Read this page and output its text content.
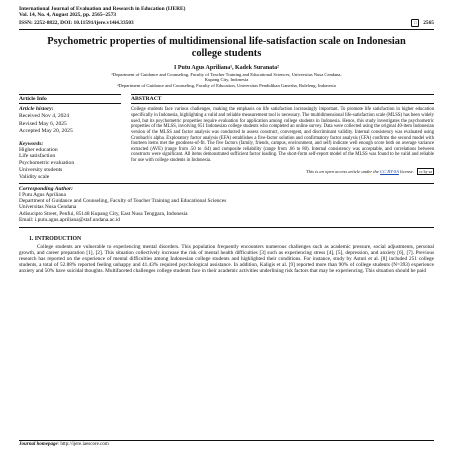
International Journal of Evaluation and Research in Education (IJERE)
Vol. 14, No. 4, August 2025, pp. 2565~2573
ISSN: 2252-8822, DOI: 10.11591/ijere.v14i4.33503	□	2565
Psychometric properties of multidimensional life-satisfaction scale on Indonesian college students
I Putu Agus Apriliana¹, Kadek Suranata²
¹Department of Guidance and Counseling, Faculty of Teacher Training and Educational Sciences, Universitas Nusa Cendana,
Kupang City, Indonesia
²Department of Guidance and Counseling, Faculty of Education, Universitas Pendidikan Ganesha, Buleleng, Indonesia
Article Info
Article history:
Received Nov 4, 2024
Revised May 6, 2025
Accepted May 20, 2025
Keywords:
Higher education
Life satisfaction
Psychometric evaluation
University students
Validity scale
ABSTRACT
College students face various challenges, making the emphasis on life satisfaction increasingly important. To promote life satisfaction in higher education specifically in Indonesia, highlighting a valid and reliable measurement tool is necessary. The multidimensional life-satisfaction scale (MLSS) has been widely used, but its psychometric properties require evaluation for application among college students in Indonesia. Hence, this study investigates the psychometric properties of the MLSS, involving 651 Indonesian college students who completed an online survey. Data were collected using the original 40-item Indonesian version of the MLSS and factor analysis was conducted to assess construct, convergent, and discriminant validity. Internal consistency was evaluated using Cronbach's alpha. Exploratory factor analysis (EFA) establishes a five-factor solution and confirmatory factor analysis (CFA) confirms the second model with fourteen items met the goodness-of-fit. The five factors (family, friends, campus, environment, and self) indicate well enough score both on average variance extracted (AVE) (range from .50 to .64) and composite reliability (range from .66 to 80). Internal consistency was acceptable, and correlations between constructs were significant. All items demonstrated sufficient factor loading. The short-form self-report model of the MLSS was found to be valid and reliable for use with college students in Indonesia.
This is an open access article under the CC BY-SA license. cc by sa
Corresponding Author:
I Putu Agus Apriliana
Department of Guidance and Counseling, Faculty of Teacher Training and Educational Sciences
Universitas Nusa Cendana
Adisucipto Street, Penfui, 85148 Kupang City, East Nusa Tenggara, Indonesia
Email: i.putu.agus.apriliana@staf.undana.ac.id
1. INTRODUCTION
College students are vulnerable to experiencing mental disorders. This population frequently encounters numerous challenges such as academic pressure, social adjustments, personal growth, and career preparation [1], [2]. This situation collectively increase the risk of mental health difficulties [3] such as experiencing stress [4], [5], depression, and anxiety [6], [7]. Previous research has reported on the experience of mental difficulties among Indonesian college students and highlighted their conditions. For instance, study by Astuti et al. [8] included 251 college students, a total of 52.88% reported feeling unhappy and 41.43% required psychological assistance. In addition, Kaligis et al. [9] reported more than 90% of college students (N=393) experience anxiety and 50% have suicidal thoughts. Multifaceted challenges college students face in their academic activities underlining risk factors that may be experiencing. This situation should be paid
Journal homepage: http://ijere.iaescore.com
